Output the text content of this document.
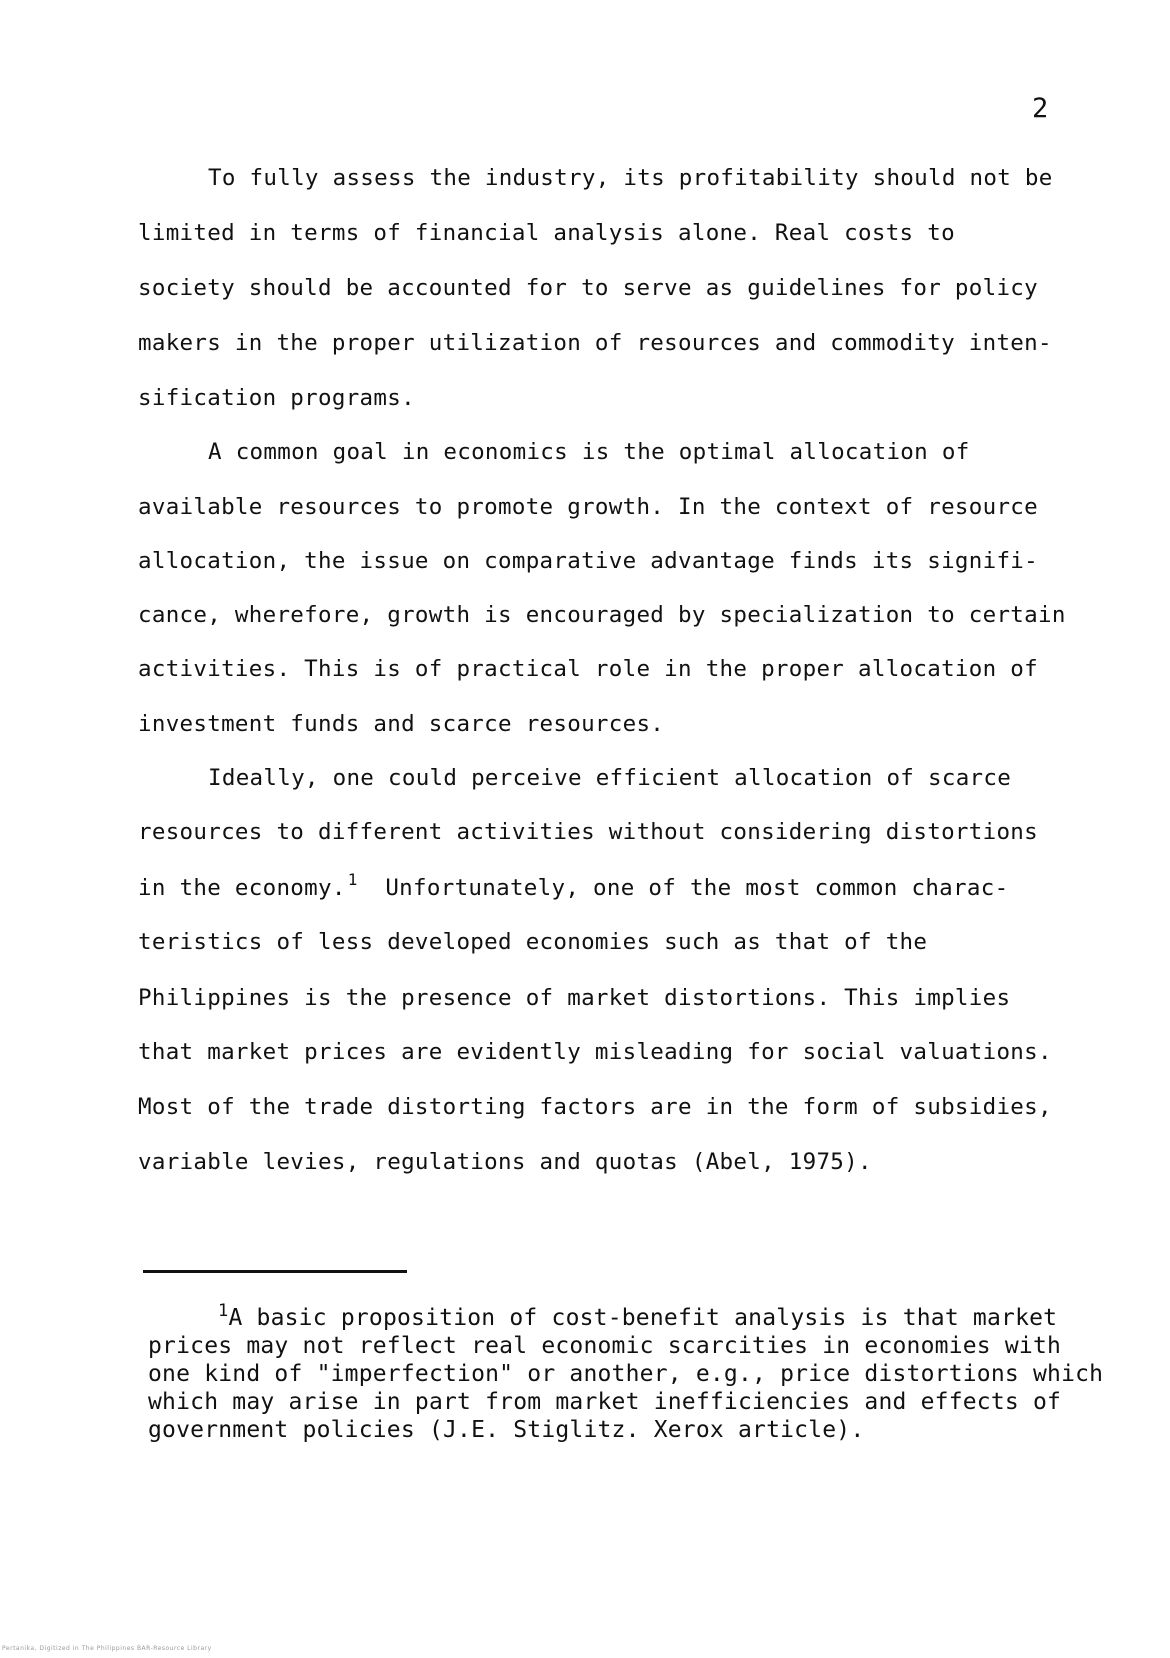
2
To fully assess the industry, its profitability should not be
limited in terms of financial analysis alone. Real costs to
society should be accounted for to serve as guidelines for policy
makers in the proper utilization of resources and commodity inten-
sification programs.
A common goal in economics is the optimal allocation of
available resources to promote growth. In the context of resource
allocation, the issue on comparative advantage finds its signifi-
cance, wherefore, growth is encouraged by specialization to certain
activities. This is of practical role in the proper allocation of
investment funds and scarce resources.
Ideally, one could perceive efficient allocation of scarce
resources to different activities without considering distortions
in the economy. $^1$  Unfortunately, one of the most common charac-
teristics of less developed economies such as that of the
Philippines is the presence of market distortions. This implies
that market prices are evidently misleading for social valuations.
Most of the trade distorting factors are in the form of subsidies,
variable levies, regulations and quotas (Abel, 1975).
$^1$A basic proposition of cost-benefit analysis is that market
prices may not reflect real economic scarcities in economies with
one kind of "imperfection" or another, e.g., price distortions which
which may arise in part from market inefficiencies and effects of
government policies (J.E. Stiglitz. Xerox article).
Pertanika, Digitized in The Philippines BAR-Resource Library
